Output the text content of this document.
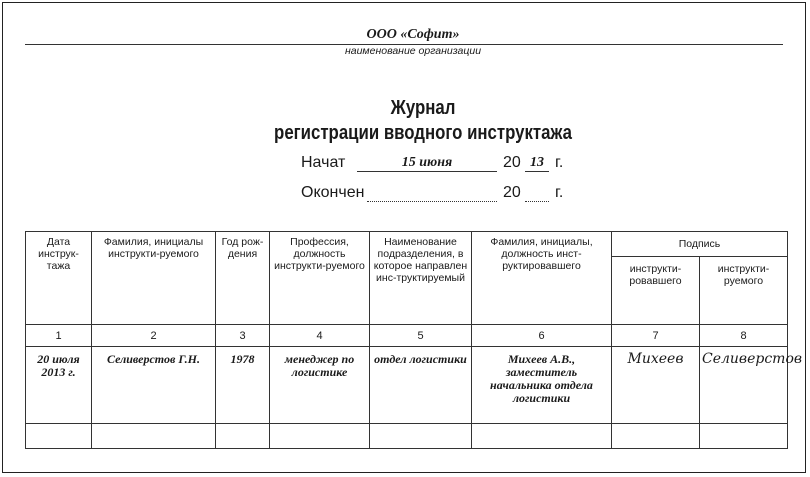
ООО «Софит»
наименование организации
Журнал
регистрации вводного инструктажа
Начат	15 июня	20 13 г.
Окончен	20 г.
Дата инструк-тажа	Фамилия, инициалы инструкти-руемого	Год рож-дения	Профессия, должность инструкти-руемого	Наименование подразделения, в которое направлен инс-труктируемый	Фамилия, инициалы, должность инст-руктировавшего	Подпись	
						инструкти-ровавшего	инструкти-руемого
1	2	3	4	5	6	7	8
20 июля 2013 г.	Селиверстов Г.Н.	1978	менеджер по логистике	отдел логистики	Михеев А.В., заместитель начальника отдела логистики	Михеев	Селиверстов
